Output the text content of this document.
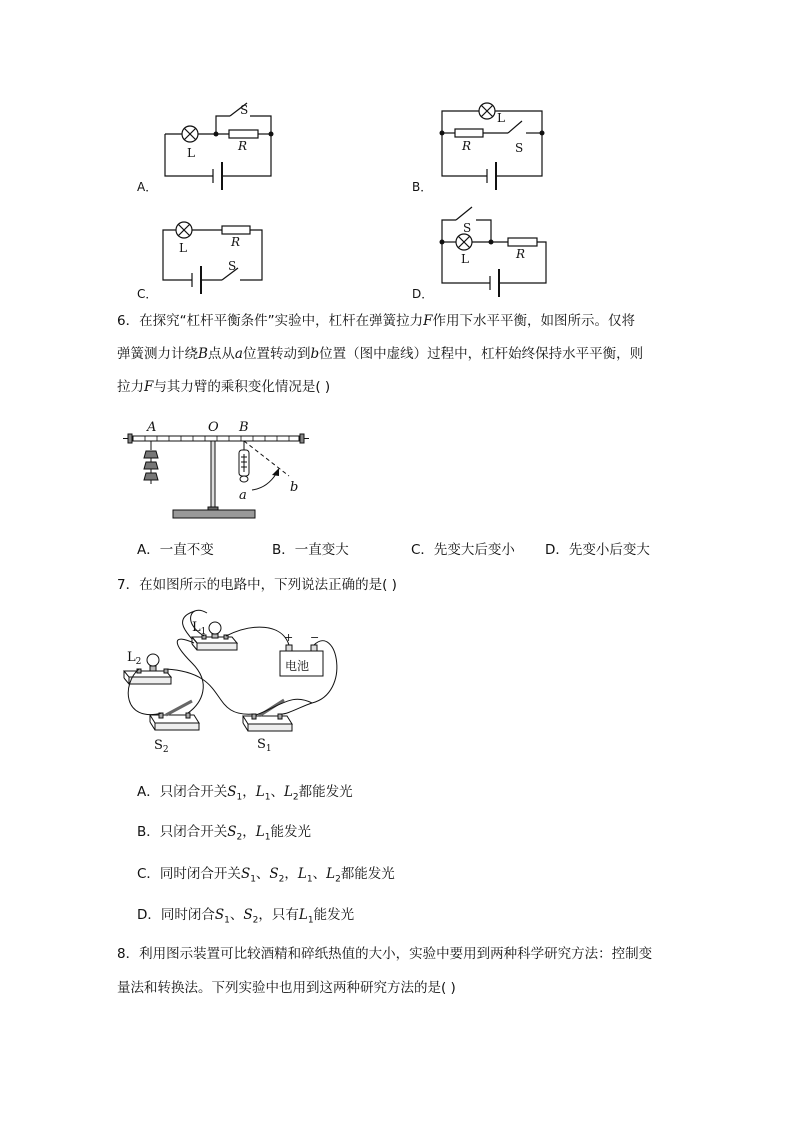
A．
L
S
R
B．
L
S
R
C．
L
S
R
D．
L
S
R
6．在探究“杠杆平衡条件”实验中，杠杆在弹簧拉力F作用下水平平衡，如图所示。仅将
弹簧测力计绕B点从a位置转动到b位置（图中虚线）过程中，杠杆始终保持水平平衡，则
拉力F与其力臂的乘积变化情况是( )
A	O B
a
b
A．一直不变	B．一直变大	C．先变大后变小 D．先变小后变大
7．在如图所示的电路中，下列说法正确的是( )
$L_1$
$L_2$	电池
+ −
$S_2$	$S_1$
A．只闭合开关$S_1$，$L_1$、$L_2$都能发光
B．只闭合开关$S_2$，$L_1$能发光
C．同时闭合开关$S_1$、$S_2$，$L_1$、$L_2$都能发光
D．同时闭合$S_1$、$S_2$，只有$L_1$能发光
8．利用图示装置可比较酒精和碎纸热值的大小，实验中要用到两种科学研究方法：控制变
量法和转换法。下列实验中也用到这两种研究方法的是( )
